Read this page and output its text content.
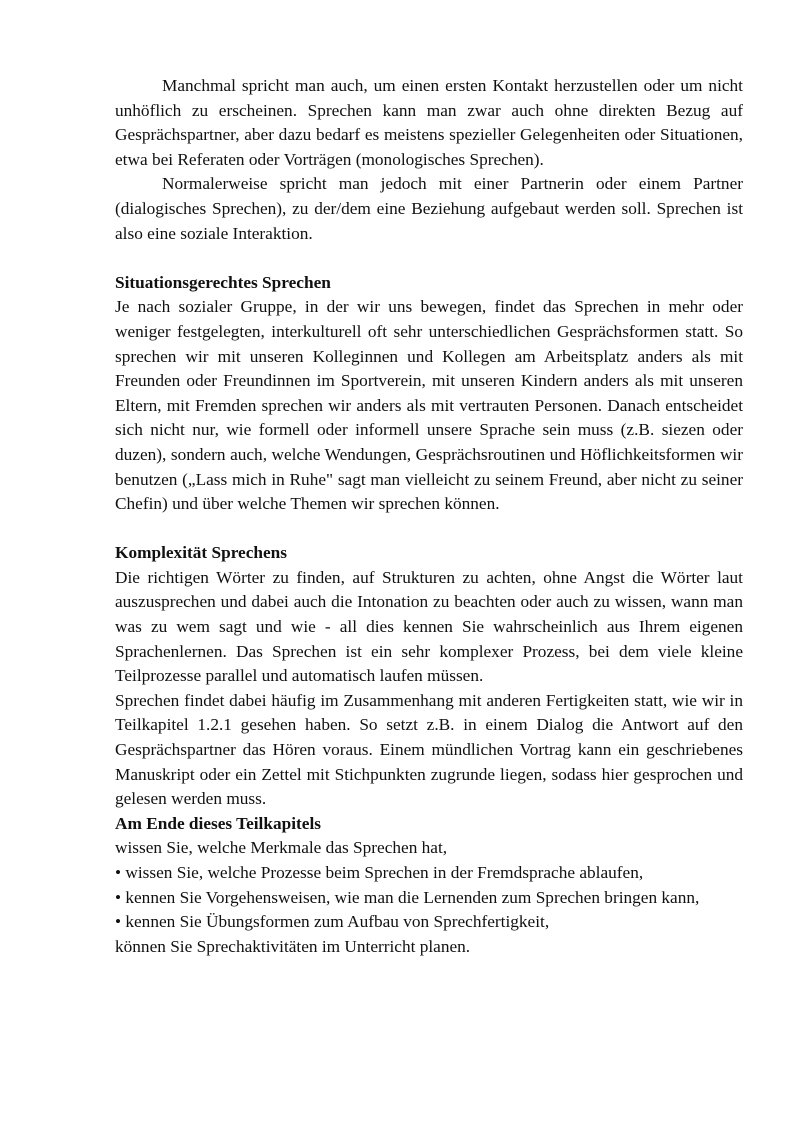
Manchmal spricht man auch, um einen ersten Kontakt herzustellen oder um nicht unhöflich zu erscheinen. Sprechen kann man zwar auch ohne direkten Bezug auf Gesprächspartner, aber dazu bedarf es meistens spezieller Gelegenheiten oder Situationen, etwa bei Referaten oder Vorträgen (monologisches Sprechen).

Normalerweise spricht man jedoch mit einer Partnerin oder einem Partner (dialogisches Sprechen), zu der/dem eine Beziehung aufgebaut werden soll. Sprechen ist also eine soziale Interaktion.

Situationsgerechtes Sprechen

Je nach sozialer Gruppe, in der wir uns bewegen, findet das Sprechen in mehr oder weniger festgelegten, interkulturell oft sehr unterschiedlichen Gesprächsformen statt. So sprechen wir mit unseren Kolleginnen und Kollegen am Arbeitsplatz anders als mit Freunden oder Freundinnen im Sportverein, mit unseren Kindern anders als mit unseren Eltern, mit Fremden sprechen wir anders als mit vertrauten Personen. Danach entscheidet sich nicht nur, wie formell oder informell unsere Sprache sein muss (z.B. siezen oder duzen), sondern auch, welche Wendungen, Gesprächsroutinen und Höflichkeitsformen wir benutzen („Lass mich in Ruhe" sagt man vielleicht zu seinem Freund, aber nicht zu seiner Chefin) und über welche Themen wir sprechen können.

Komplexität Sprechens

Die richtigen Wörter zu finden, auf Strukturen zu achten, ohne Angst die Wörter laut auszusprechen und dabei auch die Intonation zu beachten oder auch zu wissen, wann man was zu wem sagt und wie - all dies kennen Sie wahrscheinlich aus Ihrem eigenen Sprachenlernen. Das Sprechen ist ein sehr komplexer Prozess, bei dem viele kleine Teilprozesse parallel und automatisch laufen müssen.

Sprechen findet dabei häufig im Zusammenhang mit anderen Fertigkeiten statt, wie wir in Teilkapitel 1.2.1 gesehen haben. So setzt z.B. in einem Dialog die Antwort auf den Gesprächspartner das Hören voraus. Einem mündlichen Vortrag kann ein geschriebenes Manuskript oder ein Zettel mit Stichpunkten zugrunde liegen, sodass hier gesprochen und gelesen werden muss.

Am Ende dieses Teilkapitels

wissen Sie, welche Merkmale das Sprechen hat,
• wissen Sie, welche Prozesse beim Sprechen in der Fremdsprache ablaufen,
• kennen Sie Vorgehensweisen, wie man die Lernenden zum Sprechen bringen kann,
• kennen Sie Übungsformen zum Aufbau von Sprechfertigkeit,
können Sie Sprechaktivitäten im Unterricht planen.
